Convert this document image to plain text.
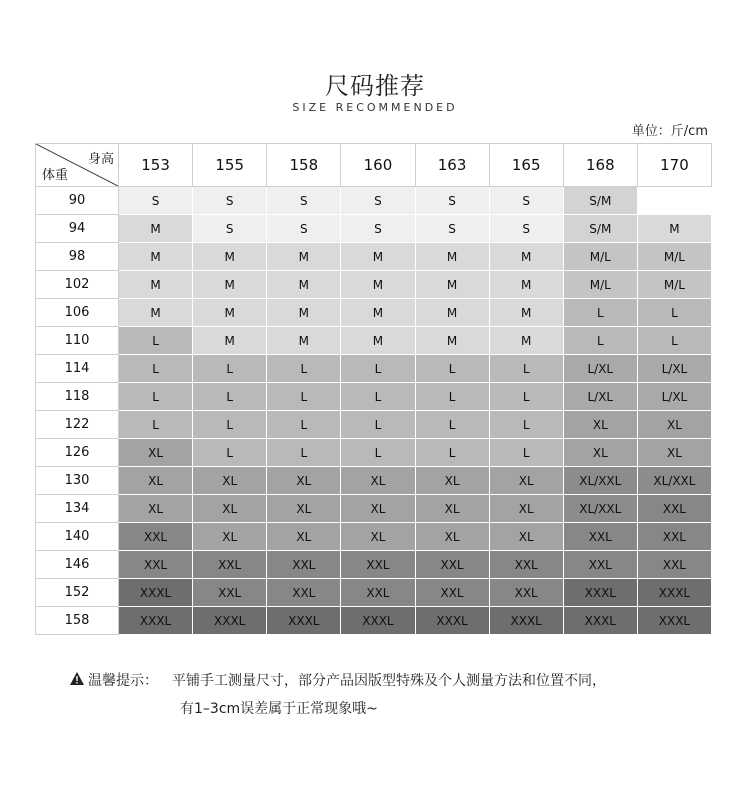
尺码推荐
SIZE RECOMMENDED
单位：斤/cm
身高
体重	153	155	158	160	163	165	168	170
90	S	S	S	S	S	S	S/M	
94	M	S	S	S	S	S	S/M	M
98	M	M	M	M	M	M	M/L	M/L
102	M	M	M	M	M	M	M/L	M/L
106	M	M	M	M	M	M	L	L
110	L	M	M	M	M	M	L	L
114	L	L	L	L	L	L	L/XL	L/XL
118	L	L	L	L	L	L	L/XL	L/XL
122	L	L	L	L	L	L	XL	XL
126	XL	L	L	L	L	L	XL	XL
130	XL	XL	XL	XL	XL	XL	XL/XXL	XL/XXL
134	XL	XL	XL	XL	XL	XL	XL/XXL	XXL
140	XXL	XL	XL	XL	XL	XL	XXL	XXL
146	XXL	XXL	XXL	XXL	XXL	XXL	XXL	XXL
152	XXXL	XXL	XXL	XXL	XXL	XXL	XXXL	XXXL
158	XXXL	XXXL	XXXL	XXXL	XXXL	XXXL	XXXL	XXXL
温馨提示： 平铺手工测量尺寸，部分产品因版型特殊及个人测量方法和位置不同，
有1–3cm误差属于正常现象哦~
